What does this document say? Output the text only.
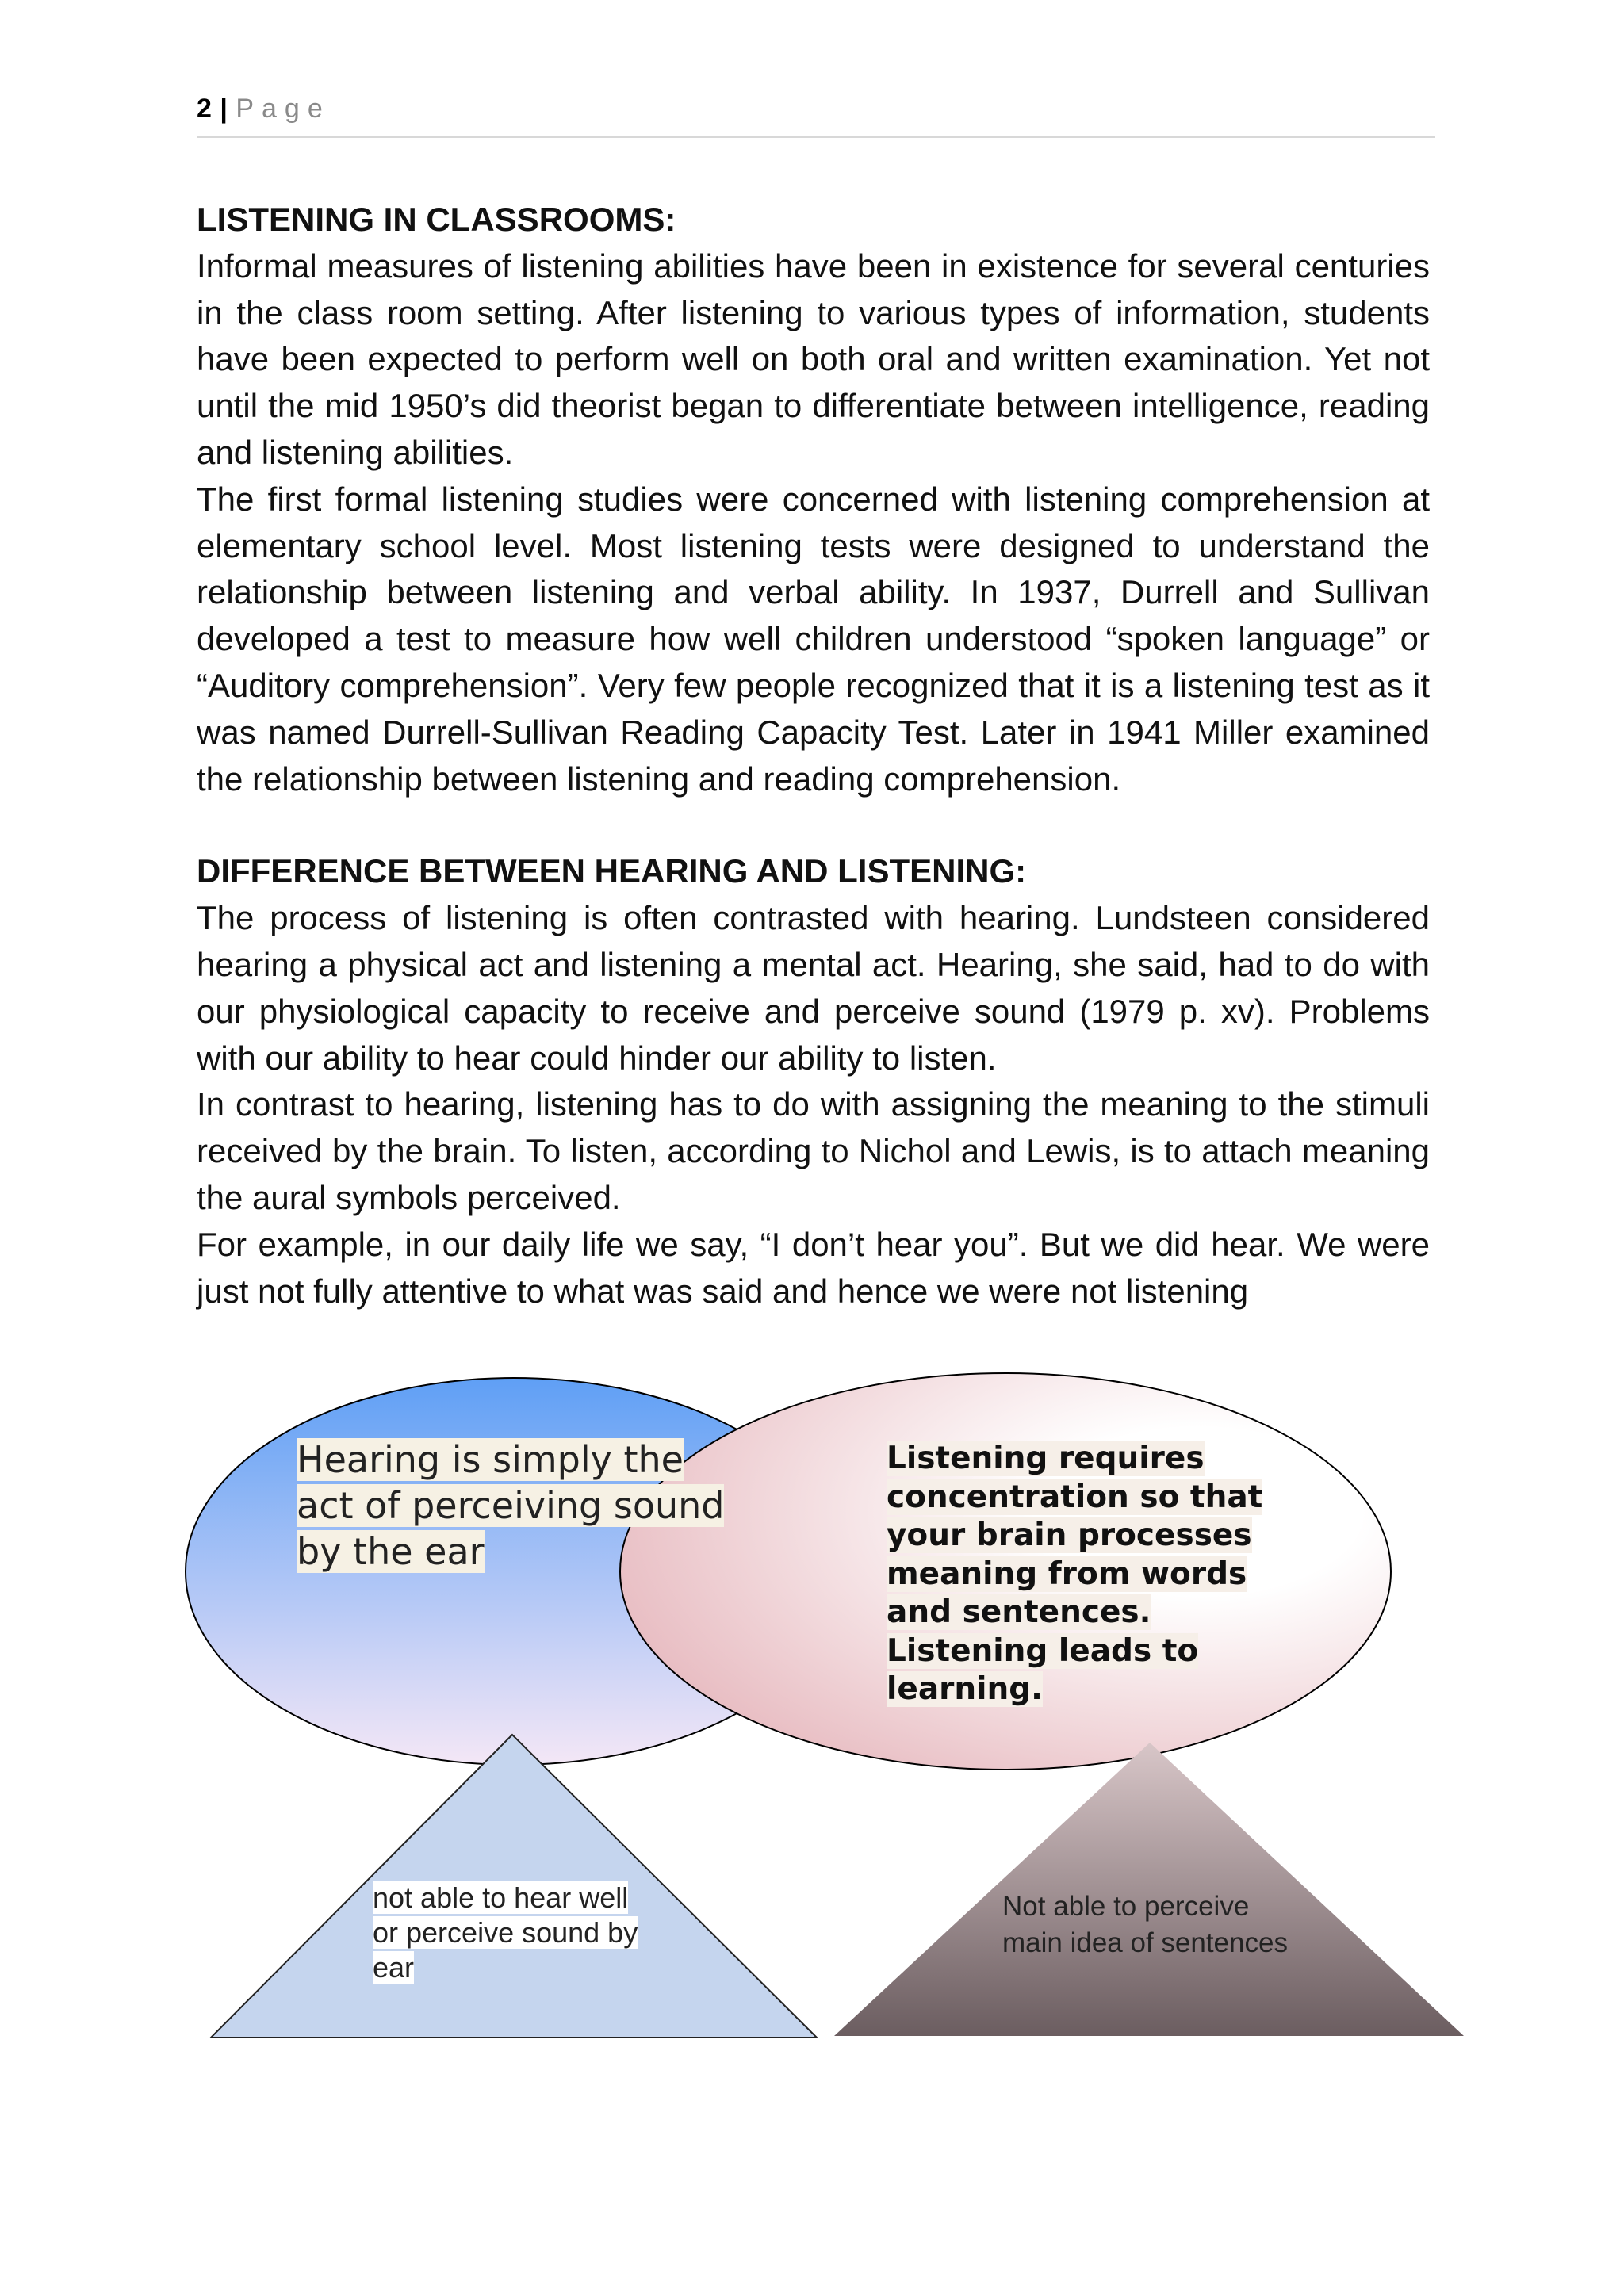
2 | Page
LISTENING IN CLASSROOMS:

Informal measures of listening abilities have been in existence for several centuries in the class room setting. After listening to various types of information, students have been expected to perform well on both oral and written examination. Yet not until the mid 1950’s did theorist began to differentiate between intelligence, reading and listening abilities.

The first formal listening studies were concerned with listening comprehension at elementary school level. Most listening tests were designed to understand the relationship between listening and verbal ability. In 1937, Durrell and Sullivan developed a test to measure how well children understood “spoken language” or “Auditory comprehension”. Very few people recognized that it is a listening test as it was named Durrell-Sullivan Reading Capacity Test. Later in 1941 Miller examined the relationship between listening and reading comprehension.

DIFFERENCE BETWEEN HEARING AND LISTENING:

The process of listening is often contrasted with hearing. Lundsteen considered hearing a physical act and listening a mental act. Hearing, she said, had to do with our physiological capacity to receive and perceive sound (1979 p. xv). Problems with our ability to hear could hinder our ability to listen.

In contrast to hearing, listening has to do with assigning the meaning to the stimuli received by the brain. To listen, according to Nichol and Lewis, is to attach meaning the aural symbols perceived.

For example, in our daily life we say, “I don’t hear you”. But we did hear. We were just not fully attentive to what was said and hence we were not listening

Hearing is simply the
act of perceiving sound
by the ear
Listening requires
concentration so that
your brain processes
meaning from words
and sentences.
Listening leads to
learning.
not able to hear well
or perceive sound by
ear
Not able to perceive
main idea of sentences
